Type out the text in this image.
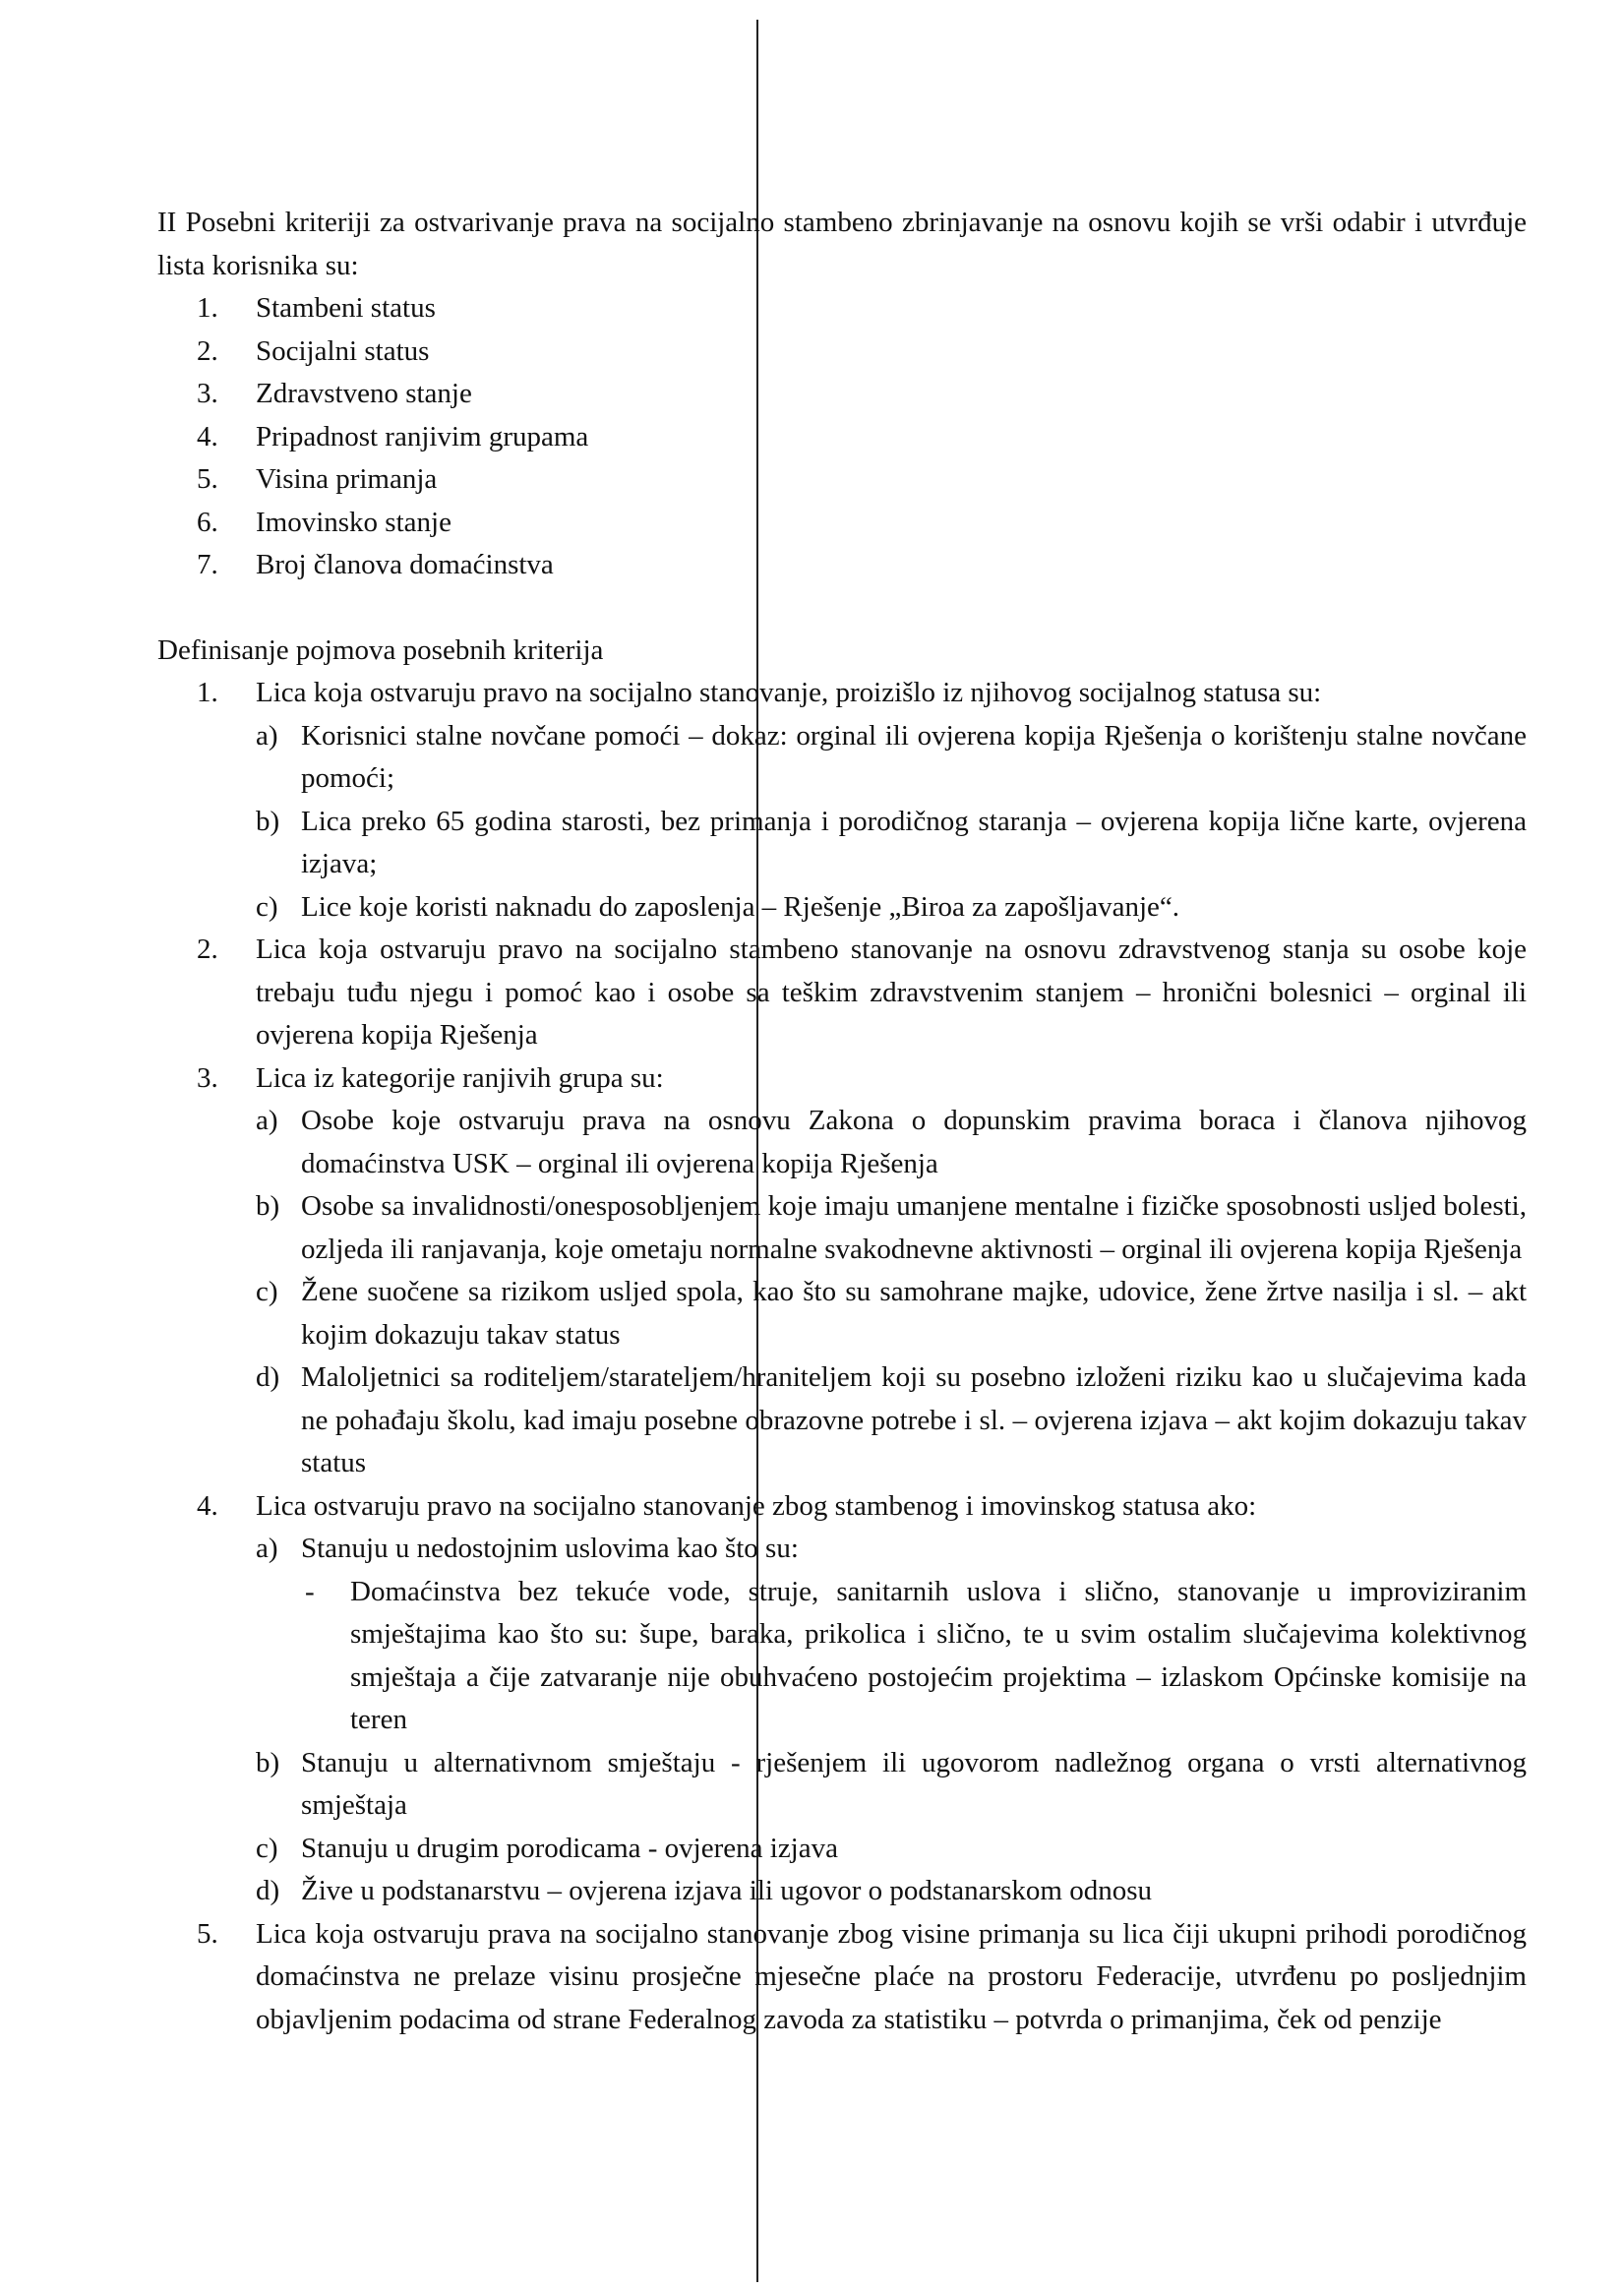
II Posebni kriteriji za ostvarivanje prava na socijalno stambeno zbrinjavanje na osnovu kojih se vrši odabir i utvrđuje lista korisnika su:

1. Stambeni status
2. Socijalni status
3. Zdravstveno stanje
4. Pripadnost ranjivim grupama
5. Visina primanja
6. Imovinsko stanje
7. Broj članova domaćinstva

Definisanje pojmova posebnih kriterija

1. Lica koja ostvaruju pravo na socijalno stanovanje, proizišlo iz njihovog socijalnog statusa su:

a) Korisnici stalne novčane pomoći – dokaz: orginal ili ovjerena kopija Rješenja o korištenju stalne novčane pomoći;

b) Lica preko 65 godina starosti, bez primanja i porodičnog staranja – ovjerena kopija lične karte, ovjerena izjava;

c) Lice koje koristi naknadu do zaposlenja – Rješenje „Biroa za zapošljavanje“.

2. Lica koja ostvaruju pravo na socijalno stambeno stanovanje na osnovu zdravstvenog stanja su osobe koje trebaju tuđu njegu i pomoć kao i osobe sa teškim zdravstvenim stanjem – hronični bolesnici – orginal ili ovjerena kopija Rješenja

3. Lica iz kategorije ranjivih grupa su:

a) Osobe koje ostvaruju prava na osnovu Zakona o dopunskim pravima boraca i članova njihovog domaćinstva USK – orginal ili ovjerena kopija Rješenja

b) Osobe sa invalidnosti/onesposobljenjem koje imaju umanjene mentalne i fizičke sposobnosti usljed bolesti, ozljeda ili ranjavanja, koje ometaju normalne svakodnevne aktivnosti – orginal ili ovjerena kopija Rješenja

c) Žene suočene sa rizikom usljed spola, kao što su samohrane majke, udovice, žene žrtve nasilja i sl. – akt kojim dokazuju takav status

d) Maloljetnici sa roditeljem/starateljem/hraniteljem koji su posebno izloženi riziku kao u slučajevima kada ne pohađaju školu, kad imaju posebne obrazovne potrebe i sl. – ovjerena izjava – akt kojim dokazuju takav status

4. Lica ostvaruju pravo na socijalno stanovanje zbog stambenog i imovinskog statusa ako:

a) Stanuju u nedostojnim uslovima kao što su:

- Domaćinstva bez tekuće vode, struje, sanitarnih uslova i slično, stanovanje u improviziranim smještajima kao što su: šupe, baraka, prikolica i slično, te u svim ostalim slučajevima kolektivnog smještaja a čije zatvaranje nije obuhvaćeno postojećim projektima – izlaskom Općinske komisije na teren

b) Stanuju u alternativnom smještaju - rješenjem ili ugovorom nadležnog organa o vrsti alternativnog smještaja

c) Stanuju u drugim porodicama - ovjerena izjava

d) Žive u podstanarstvu – ovjerena izjava ili ugovor o podstanarskom odnosu

5. Lica koja ostvaruju prava na socijalno stanovanje zbog visine primanja su lica čiji ukupni prihodi porodičnog domaćinstva ne prelaze visinu prosječne mjesečne plaće na prostoru Federacije, utvrđenu po posljednjim objavljenim podacima od strane Federalnog zavoda za statistiku – potvrda o primanjima, ček od penzije
